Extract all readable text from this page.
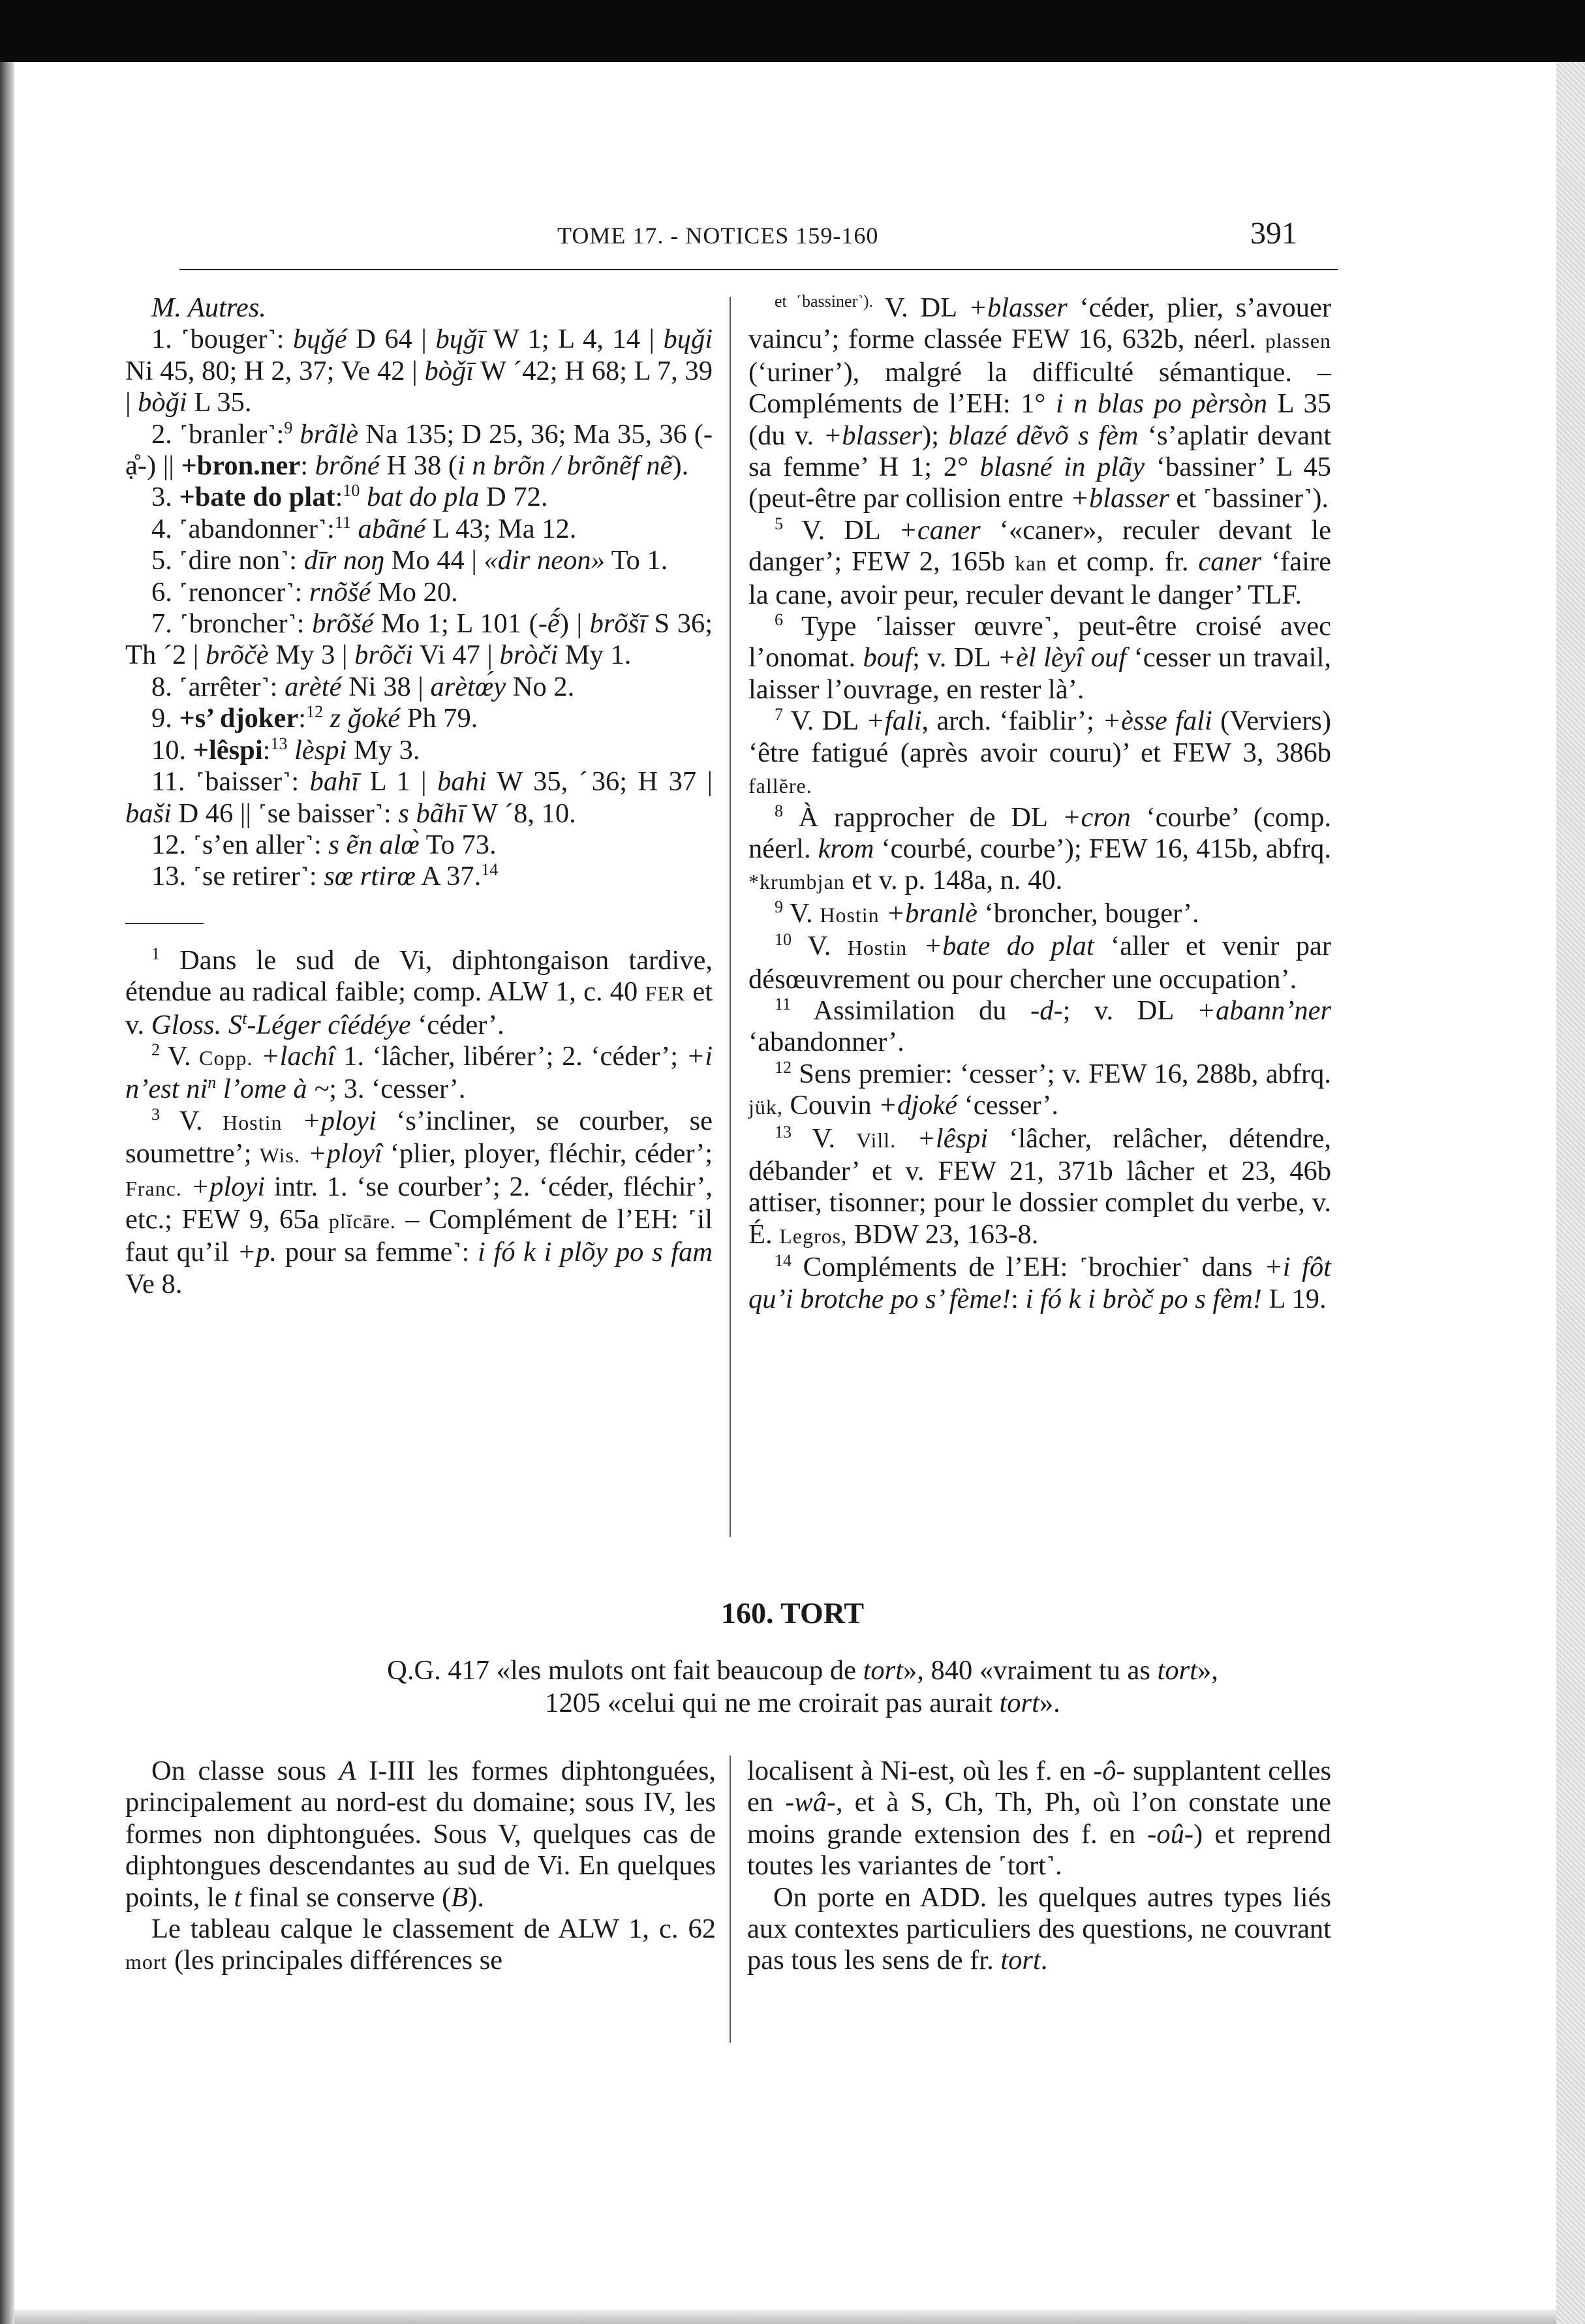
TOME 17. - NOTICES 159-160	391

M. Autres.

1. ˹bouger˺: bɥǧé D 64 | bɥǧī W 1; L 4, 14 | bɥǧi Ni 45, 80; H 2, 37; Ve 42 | bòǧī W ˊ42; H 68; L 7, 39 | bòǧi L 35.

2. ˹branler˺:$^9$ brãlè Na 135; D 25, 36; Ma 35, 36 (-ạ̊-) || +bron.ner: brõné H 38 (i n brõn / brõnẽf nẽ).

3. +bate do plat:$^{10}$ bat do pla D 72.

4. ˹abandonner˺:$^{11}$ abãné L 43; Ma 12.

5. ˹dire non˺: dīr noŋ Mo 44 | «dir neon» To 1.

6. ˹renoncer˺: rnõšé Mo 20.

7. ˹broncher˺: brõšé Mo 1; L 101 (-ẽ́) | brõšī S 36; Th ˊ2 | brõčè My 3 | brõči Vi 47 | bròči My 1.

8. ˹arrêter˺: arèté Ni 38 | arètœ́y No 2.

9. +s’ djoker:$^{12}$ z ǧoké Ph 79.

10. +lêspi:$^{13}$ lèspi My 3.

11. ˹baisser˺: bahī L 1 | bahi W 35, ˊ36; H 37 | baši D 46 || ˹se baisser˺: s bãhī W ˊ8, 10.

12. ˹s’en aller˺: s ẽn alœ̀ To 73.

13. ˹se retirer˺: sœ rtirœ A 37.14

$^1$ Dans le sud de Vi, diphtongaison tardive, étendue au radical faible; comp. ALW 1, c. 40 FER et v. Gloss. $S^t$-Léger cîédéye ‘céder’.

$^2$ V. Copp. +lachî 1. ‘lâcher, libérer’; 2. ‘céder’; +i n’est $ni^n$ l’ome à ~; 3. ‘cesser’.

$^3$ V. Hostin +ployi ‘s’incliner, se courber, se soumettre’; Wis. +ployî ‘plier, ployer, fléchir, céder’; Franc. +ployi intr. 1. ‘se courber’; 2. ‘céder, fléchir’, etc.; FEW 9, 65a plĭcāre. – Complément de l’EH: ˹il faut qu’il +p. pour sa femme˺: i fó k i plõy po s fam Ve 8.

$^{et ˹bassiner˺).}$ V. DL +blasser ‘céder, plier, s’avouer vaincu’; forme classée FEW 16, 632b, néerl. plassen (‘uriner’), malgré la difficulté sémantique. – Compléments de l’EH: 1° i n blas po pèrsòn L 35 (du v. +blasser); blazé dẽvõ s fèm ‘s’aplatir devant sa femme’ H 1; 2° blasné in plãy ‘bassiner’ L 45 (peut-être par collision entre +blasser et ˹bassiner˺).

$^5$ V. DL +caner ‘«caner», reculer devant le danger’; FEW 2, 165b kan et comp. fr. caner ‘faire la cane, avoir peur, reculer devant le danger’ TLF.

$^6$ Type ˹laisser œuvre˺, peut-être croisé avec l’onomat. bouf; v. DL +èl lèyî ouf ‘cesser un travail, laisser l’ouvrage, en rester là’.

$^7$ V. DL +fali, arch. ‘faiblir’; +èsse fali (Verviers) ‘être fatigué (après avoir couru)’ et FEW 3, 386b fallĕre.

$^8$ À rapprocher de DL +cron ‘courbe’ (comp. néerl. krom ‘courbé, courbe’); FEW 16, 415b, abfrq. *krumbjan et v. p. 148a, n. 40.

$^9$ V. Hostin +branlè ‘broncher, bouger’.

$^{10}$ V. Hostin +bate do plat ‘aller et venir par désœuvrement ou pour chercher une occupation’.

$^{11}$ Assimilation du -d-; v. DL +abann’ner ‘abandonner’.

$^{12}$ Sens premier: ‘cesser’; v. FEW 16, 288b, abfrq. jük, Couvin +djoké ‘cesser’.

$^{13}$ V. Vill. +lêspi ‘lâcher, relâcher, détendre, débander’ et v. FEW 21, 371b lâcher et 23, 46b attiser, tisonner; pour le dossier complet du verbe, v. É. Legros, BDW 23, 163-8.

$^{14}$ Compléments de l’EH: ˹brochier˺ dans +i fôt qu’i brotche po s’ fème!: i fó k i bròč po s fèm! L 19.

160. TORT
Q.G. 417 «les mulots ont fait beaucoup de tort», 840 «vraiment tu as tort»,
1205 «celui qui ne me croirait pas aurait tort».

On classe sous A I-III les formes diphtonguées, principalement au nord-est du domaine; sous IV, les formes non diphtonguées. Sous V, quelques cas de diphtongues descendantes au sud de Vi. En quelques points, le t final se conserve (B).

Le tableau calque le classement de ALW 1, c. 62 mort (les principales différences se

localisent à Ni-est, où les f. en -ô- supplantent celles en -wâ-, et à S, Ch, Th, Ph, où l’on constate une moins grande extension des f. en -oû-) et reprend toutes les variantes de ˹tort˺.

On porte en ADD. les quelques autres types liés aux contextes particuliers des questions, ne couvrant pas tous les sens de fr. tort.
